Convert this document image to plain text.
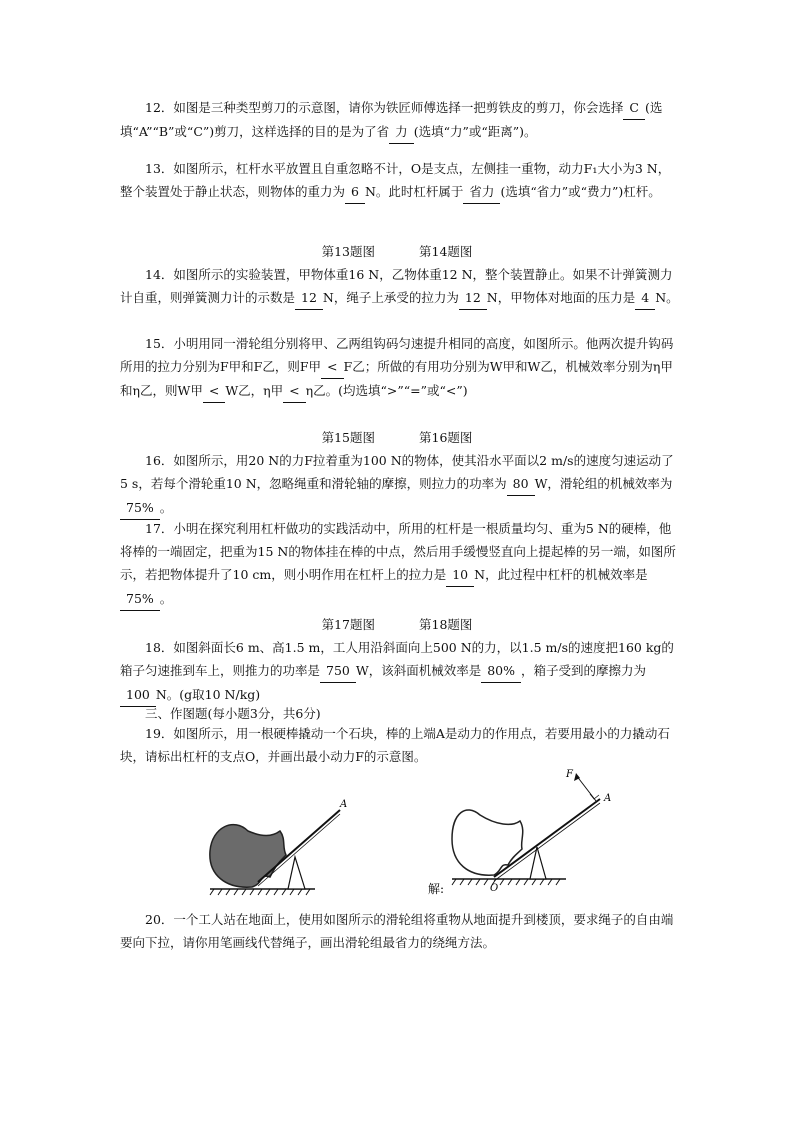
12．如图是三种类型剪刀的示意图，请你为铁匠师傅选择一把剪铁皮的剪刀，你会选择 C (选填“A”“B”或“C”)剪刀，这样选择的目的是为了省 力 (选填“力”或“距离”)。

13．如图所示，杠杆水平放置且自重忽略不计，O是支点，左侧挂一重物，动力F₁大小为3 N，整个装置处于静止状态，则物体的重力为 6 N。此时杠杆属于 省力 (选填“省力”或“费力”)杠杆。

第13题图	第14题图

14．如图所示的实验装置，甲物体重16 N，乙物体重12 N，整个装置静止。如果不计弹簧测力计自重，则弹簧测力计的示数是 12 N，绳子上承受的拉力为 12 N，甲物体对地面的压力是 4 N。

15．小明用同一滑轮组分别将甲、乙两组钩码匀速提升相同的高度，如图所示。他两次提升钩码所用的拉力分别为F甲和F乙，则F甲 < F乙；所做的有用功分别为W甲和W乙，机械效率分别为η甲和η乙，则W甲 < W乙，η甲 < η乙。(均选填“>”“=”或“<”)

第15题图	第16题图

16．如图所示，用20 N的力F拉着重为100 N的物体，使其沿水平面以2 m/s的速度匀速运动了5 s，若每个滑轮重10 N，忽略绳重和滑轮轴的摩擦，则拉力的功率为 80 W，滑轮组的机械效率为75% 。

17．小明在探究利用杠杆做功的实践活动中，所用的杠杆是一根质量均匀、重为5 N的硬棒，他将棒的一端固定，把重为15 N的物体挂在棒的中点，然后用手缓慢竖直向上提起棒的另一端，如图所示，若把物体提升了10 cm，则小明作用在杠杆上的拉力是 10 N，此过程中杠杆的机械效率是75% 。

第17题图	第18题图

18．如图斜面长6 m、高1.5 m，工人用沿斜面向上500 N的力，以1.5 m/s的速度把160 kg的箱子匀速推到车上，则推力的功率是 750 W，该斜面机械效率是 80% ，箱子受到的摩擦力为100 N。(g取10 N/kg)

三、作图题(每小题3分，共6分)

19．如图所示，用一根硬棒撬动一个石块，棒的上端A是动力的作用点，若要用最小的力撬动石块，请标出杠杆的支点O，并画出最小动力F的示意图。

A
解:
F
A
O

20．一个工人站在地面上，使用如图所示的滑轮组将重物从地面提升到楼顶，要求绳子的自由端要向下拉，请你用笔画线代替绳子，画出滑轮组最省力的绕绳方法。
